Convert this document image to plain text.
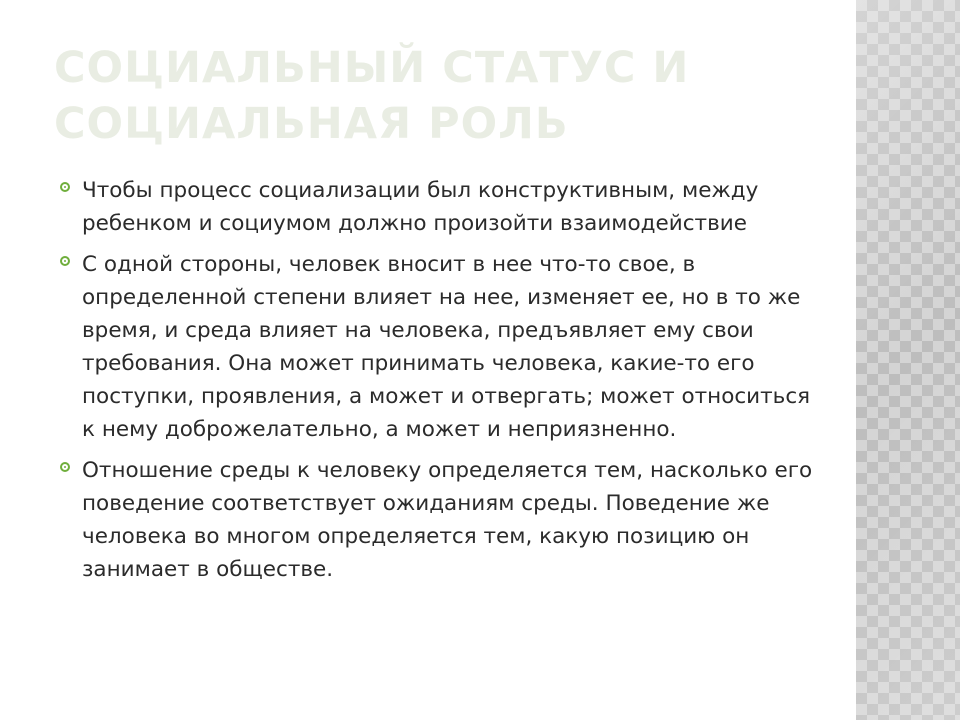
СОЦИАЛЬНЫЙ СТАТУС И СОЦИАЛЬНАЯ РОЛЬ
Чтобы процесс социализации был конструктивным, между ребенком и социумом должно произойти взаимодействие
С одной стороны, человек вносит в нее что-то свое, в определенной степени влияет на нее, изменяет ее, но в то же время, и среда влияет на человека, предъявляет ему свои требования. Она может принимать человека, какие-то его поступки, проявления, а может и отвергать; может относиться к нему доброжелательно, а может и неприязненно.
Отношение среды к человеку определяется тем, насколько его поведение соответствует ожиданиям среды. Поведение же человека во многом определяется тем, какую позицию он занимает в обществе.
